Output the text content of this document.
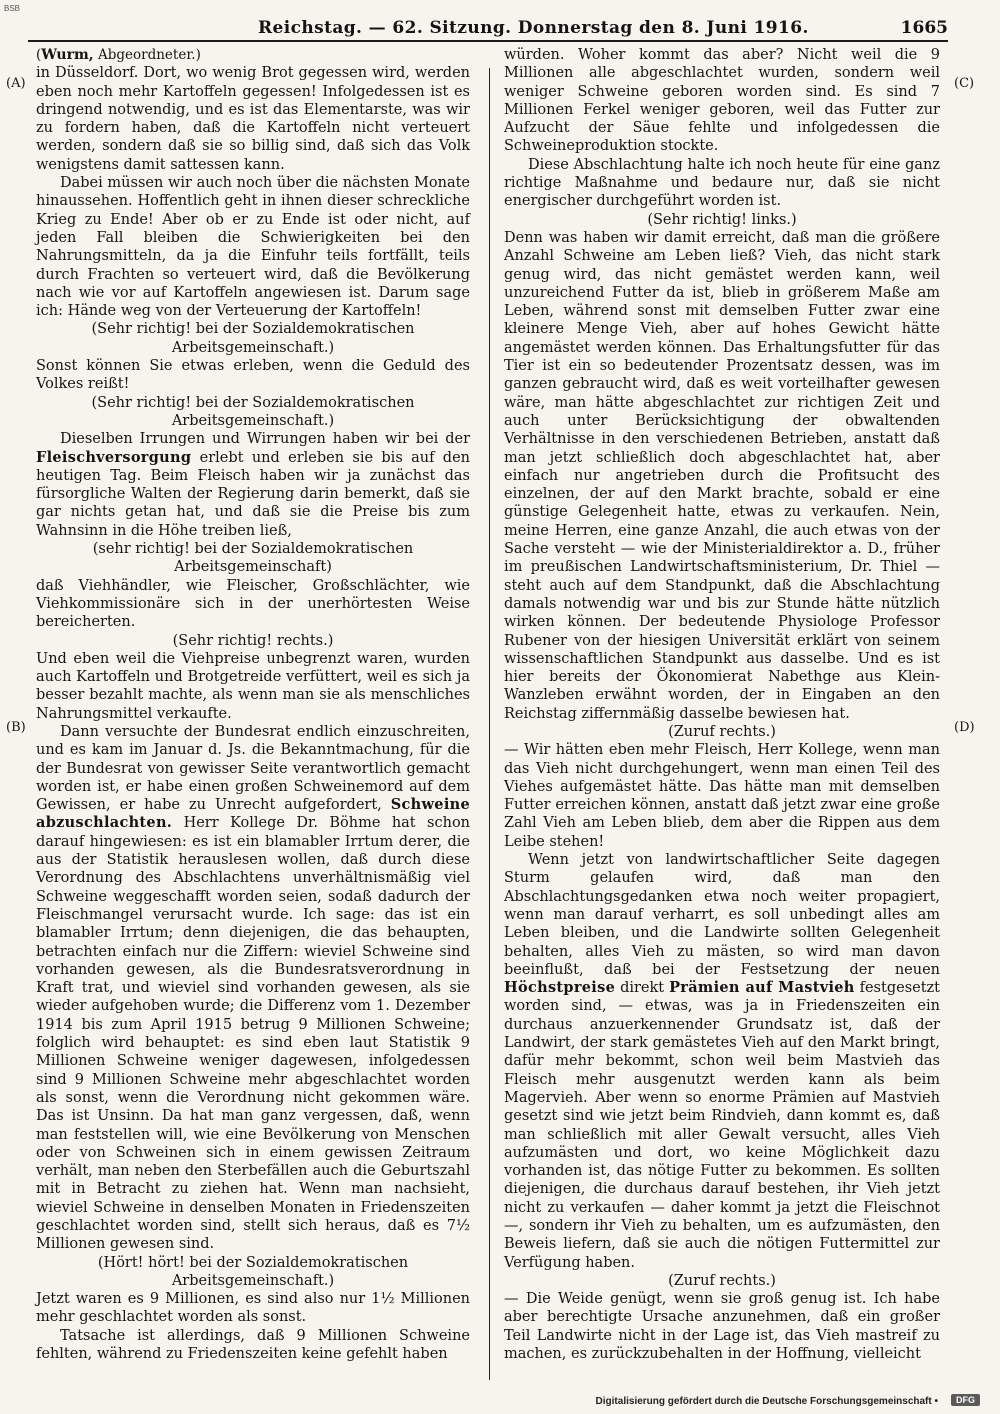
BSB
Reichstag. — 62. Sitzung. Donnerstag den 8. Juni 1916.	1665
(A)
(B)
(C)
(D)

(Wurm, Abgeordneter.)

in Düsseldorf. Dort, wo wenig Brot gegessen wird, werden eben noch mehr Kartoffeln gegessen! Infolgedessen ist es dringend notwendig, und es ist das Elementarste, was wir zu fordern haben, daß die Kartoffeln nicht verteuert werden, sondern daß sie so billig sind, daß sich das Volk wenigstens damit sattessen kann.

Dabei müssen wir auch noch über die nächsten Monate hinaussehen. Hoffentlich geht in ihnen dieser schreckliche Krieg zu Ende! Aber ob er zu Ende ist oder nicht, auf jeden Fall bleiben die Schwierigkeiten bei den Nahrungsmitteln, da ja die Einfuhr teils fortfällt, teils durch Frachten so verteuert wird, daß die Bevölkerung nach wie vor auf Kartoffeln angewiesen ist. Darum sage ich: Hände weg von der Verteuerung der Kartoffeln!

(Sehr richtig! bei der Sozialdemokratischen Arbeitsgemeinschaft.)

Sonst können Sie etwas erleben, wenn die Geduld des Volkes reißt!

(Sehr richtig! bei der Sozialdemokratischen Arbeitsgemeinschaft.)

Dieselben Irrungen und Wirrungen haben wir bei der Fleischversorgung erlebt und erleben sie bis auf den heutigen Tag. Beim Fleisch haben wir ja zunächst das fürsorgliche Walten der Regierung darin bemerkt, daß sie gar nichts getan hat, und daß sie die Preise bis zum Wahnsinn in die Höhe treiben ließ,

(sehr richtig! bei der Sozialdemokratischen Arbeitsgemeinschaft)

daß Viehhändler, wie Fleischer, Großschlächter, wie Viehkommissionäre sich in der unerhörtesten Weise bereicherten.

(Sehr richtig! rechts.)

Und eben weil die Viehpreise unbegrenzt waren, wurden auch Kartoffeln und Brotgetreide verfüttert, weil es sich ja besser bezahlt machte, als wenn man sie als menschliches Nahrungsmittel verkaufte.

Dann versuchte der Bundesrat endlich einzuschreiten, und es kam im Januar d. Js. die Bekanntmachung, für die der Bundesrat von gewisser Seite verantwortlich gemacht worden ist, er habe einen großen Schweinemord auf dem Gewissen, er habe zu Unrecht aufgefordert, Schweine abzuschlachten. Herr Kollege Dr. Böhme hat schon darauf hingewiesen: es ist ein blamabler Irrtum derer, die aus der Statistik herauslesen wollen, daß durch diese Verordnung des Abschlachtens unverhältnismäßig viel Schweine weggeschafft worden seien, sodaß dadurch der Fleischmangel verursacht wurde. Ich sage: das ist ein blamabler Irrtum; denn diejenigen, die das behaupten, betrachten einfach nur die Ziffern: wieviel Schweine sind vorhanden gewesen, als die Bundesratsverordnung in Kraft trat, und wieviel sind vorhanden gewesen, als sie wieder aufgehoben wurde; die Differenz vom 1. Dezember 1914 bis zum April 1915 betrug 9 Millionen Schweine; folglich wird behauptet: es sind eben laut Statistik 9 Millionen Schweine weniger dagewesen, infolgedessen sind 9 Millionen Schweine mehr abgeschlachtet worden als sonst, wenn die Verordnung nicht gekommen wäre. Das ist Unsinn. Da hat man ganz vergessen, daß, wenn man feststellen will, wie eine Bevölkerung von Menschen oder von Schweinen sich in einem gewissen Zeitraum verhält, man neben den Sterbefällen auch die Geburtszahl mit in Betracht zu ziehen hat. Wenn man nachsieht, wieviel Schweine in denselben Monaten in Friedenszeiten geschlachtet worden sind, stellt sich heraus, daß es 7½ Millionen gewesen sind.

(Hört! hört! bei der Sozialdemokratischen Arbeitsgemeinschaft.)

Jetzt waren es 9 Millionen, es sind also nur 1½ Millionen mehr geschlachtet worden als sonst.

Tatsache ist allerdings, daß 9 Millionen Schweine fehlten, während zu Friedenszeiten keine gefehlt haben

würden. Woher kommt das aber? Nicht weil die 9 Millionen alle abgeschlachtet wurden, sondern weil weniger Schweine geboren worden sind. Es sind 7 Millionen Ferkel weniger geboren, weil das Futter zur Aufzucht der Säue fehlte und infolgedessen die Schweineproduktion stockte.

Diese Abschlachtung halte ich noch heute für eine ganz richtige Maßnahme und bedaure nur, daß sie nicht energischer durchgeführt worden ist.

(Sehr richtig! links.)

Denn was haben wir damit erreicht, daß man die größere Anzahl Schweine am Leben ließ? Vieh, das nicht stark genug wird, das nicht gemästet werden kann, weil unzureichend Futter da ist, blieb in größerem Maße am Leben, während sonst mit demselben Futter zwar eine kleinere Menge Vieh, aber auf hohes Gewicht hätte angemästet werden können. Das Erhaltungsfutter für das Tier ist ein so bedeutender Prozentsatz dessen, was im ganzen gebraucht wird, daß es weit vorteilhafter gewesen wäre, man hätte abgeschlachtet zur richtigen Zeit und auch unter Berücksichtigung der obwaltenden Verhältnisse in den verschiedenen Betrieben, anstatt daß man jetzt schließlich doch abgeschlachtet hat, aber einfach nur angetrieben durch die Profitsucht des einzelnen, der auf den Markt brachte, sobald er eine günstige Gelegenheit hatte, etwas zu verkaufen. Nein, meine Herren, eine ganze Anzahl, die auch etwas von der Sache versteht — wie der Ministerialdirektor a. D., früher im preußischen Landwirtschaftsministerium, Dr. Thiel — steht auch auf dem Standpunkt, daß die Abschlachtung damals notwendig war und bis zur Stunde hätte nützlich wirken können. Der bedeutende Physiologe Professor Rubener von der hiesigen Universität erklärt von seinem wissenschaftlichen Standpunkt aus dasselbe. Und es ist hier bereits der Ökonomierat Nabethge aus Klein-Wanzleben erwähnt worden, der in Eingaben an den Reichstag ziffernmäßig dasselbe bewiesen hat.

(Zuruf rechts.)

— Wir hätten eben mehr Fleisch, Herr Kollege, wenn man das Vieh nicht durchgehungert, wenn man einen Teil des Viehes aufgemästet hätte. Das hätte man mit demselben Futter erreichen können, anstatt daß jetzt zwar eine große Zahl Vieh am Leben blieb, dem aber die Rippen aus dem Leibe stehen!

Wenn jetzt von landwirtschaftlicher Seite dagegen Sturm gelaufen wird, daß man den Abschlachtungsgedanken etwa noch weiter propagiert, wenn man darauf verharrt, es soll unbedingt alles am Leben bleiben, und die Landwirte sollten Gelegenheit behalten, alles Vieh zu mästen, so wird man davon beeinflußt, daß bei der Festsetzung der neuen Höchstpreise direkt Prämien auf Mastvieh festgesetzt worden sind, — etwas, was ja in Friedenszeiten ein durchaus anzuerkennender Grundsatz ist, daß der Landwirt, der stark gemästetes Vieh auf den Markt bringt, dafür mehr bekommt, schon weil beim Mastvieh das Fleisch mehr ausgenutzt werden kann als beim Magervieh. Aber wenn so enorme Prämien auf Mastvieh gesetzt sind wie jetzt beim Rindvieh, dann kommt es, daß man schließlich mit aller Gewalt versucht, alles Vieh aufzumästen und dort, wo keine Möglichkeit dazu vorhanden ist, das nötige Futter zu bekommen. Es sollten diejenigen, die durchaus darauf bestehen, ihr Vieh jetzt nicht zu verkaufen — daher kommt ja jetzt die Fleischnot —, sondern ihr Vieh zu behalten, um es aufzumästen, den Beweis liefern, daß sie auch die nötigen Futtermittel zur Verfügung haben.

(Zuruf rechts.)

— Die Weide genügt, wenn sie groß genug ist. Ich habe aber berechtigte Ursache anzunehmen, daß ein großer Teil Landwirte nicht in der Lage ist, das Vieh mastreif zu machen, es zurückzubehalten in der Hoffnung, vielleicht

Digitalisierung gefördert durch die Deutsche Forschungsgemeinschaft •	DFG
